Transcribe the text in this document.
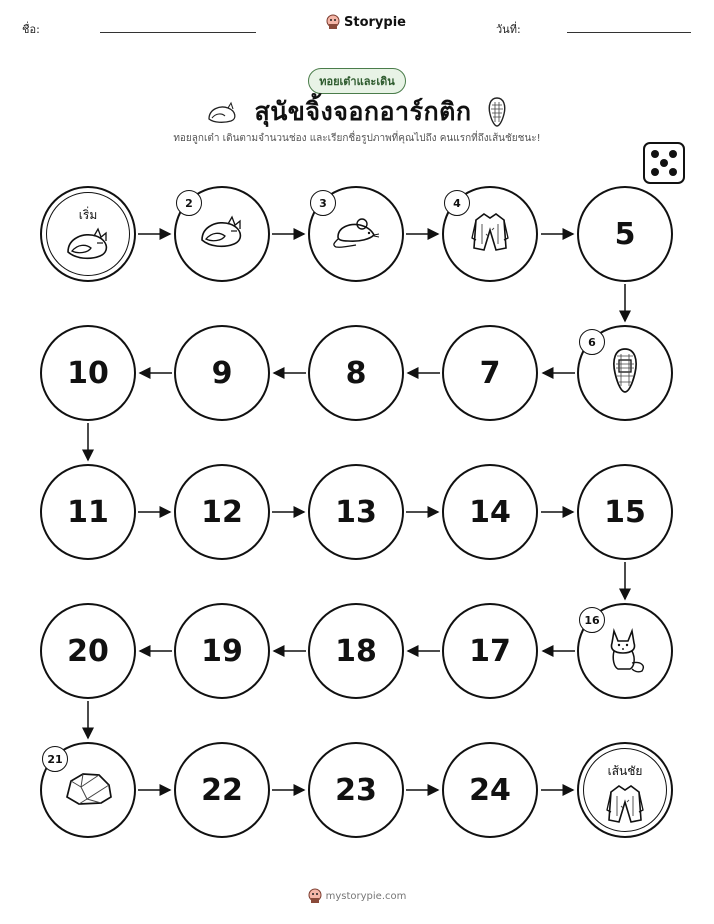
ชื่อ:	Storypie	วันที่:
ทอยเต๋าและเดิน
สุนัขจิ้งจอกอาร์กติก
ทอยลูกเต๋า เดินตามจำนวนช่อง และเรียกชื่อรูปภาพที่คุณไปถึง คนแรกที่ถึงเส้นชัยชนะ!
เริ่ม
2	3	4
5
6
7
8
9
10
11	12	13	14	15
16
17
18
19
20
21
22	23	24
เส้นชัย
mystorypie.com
